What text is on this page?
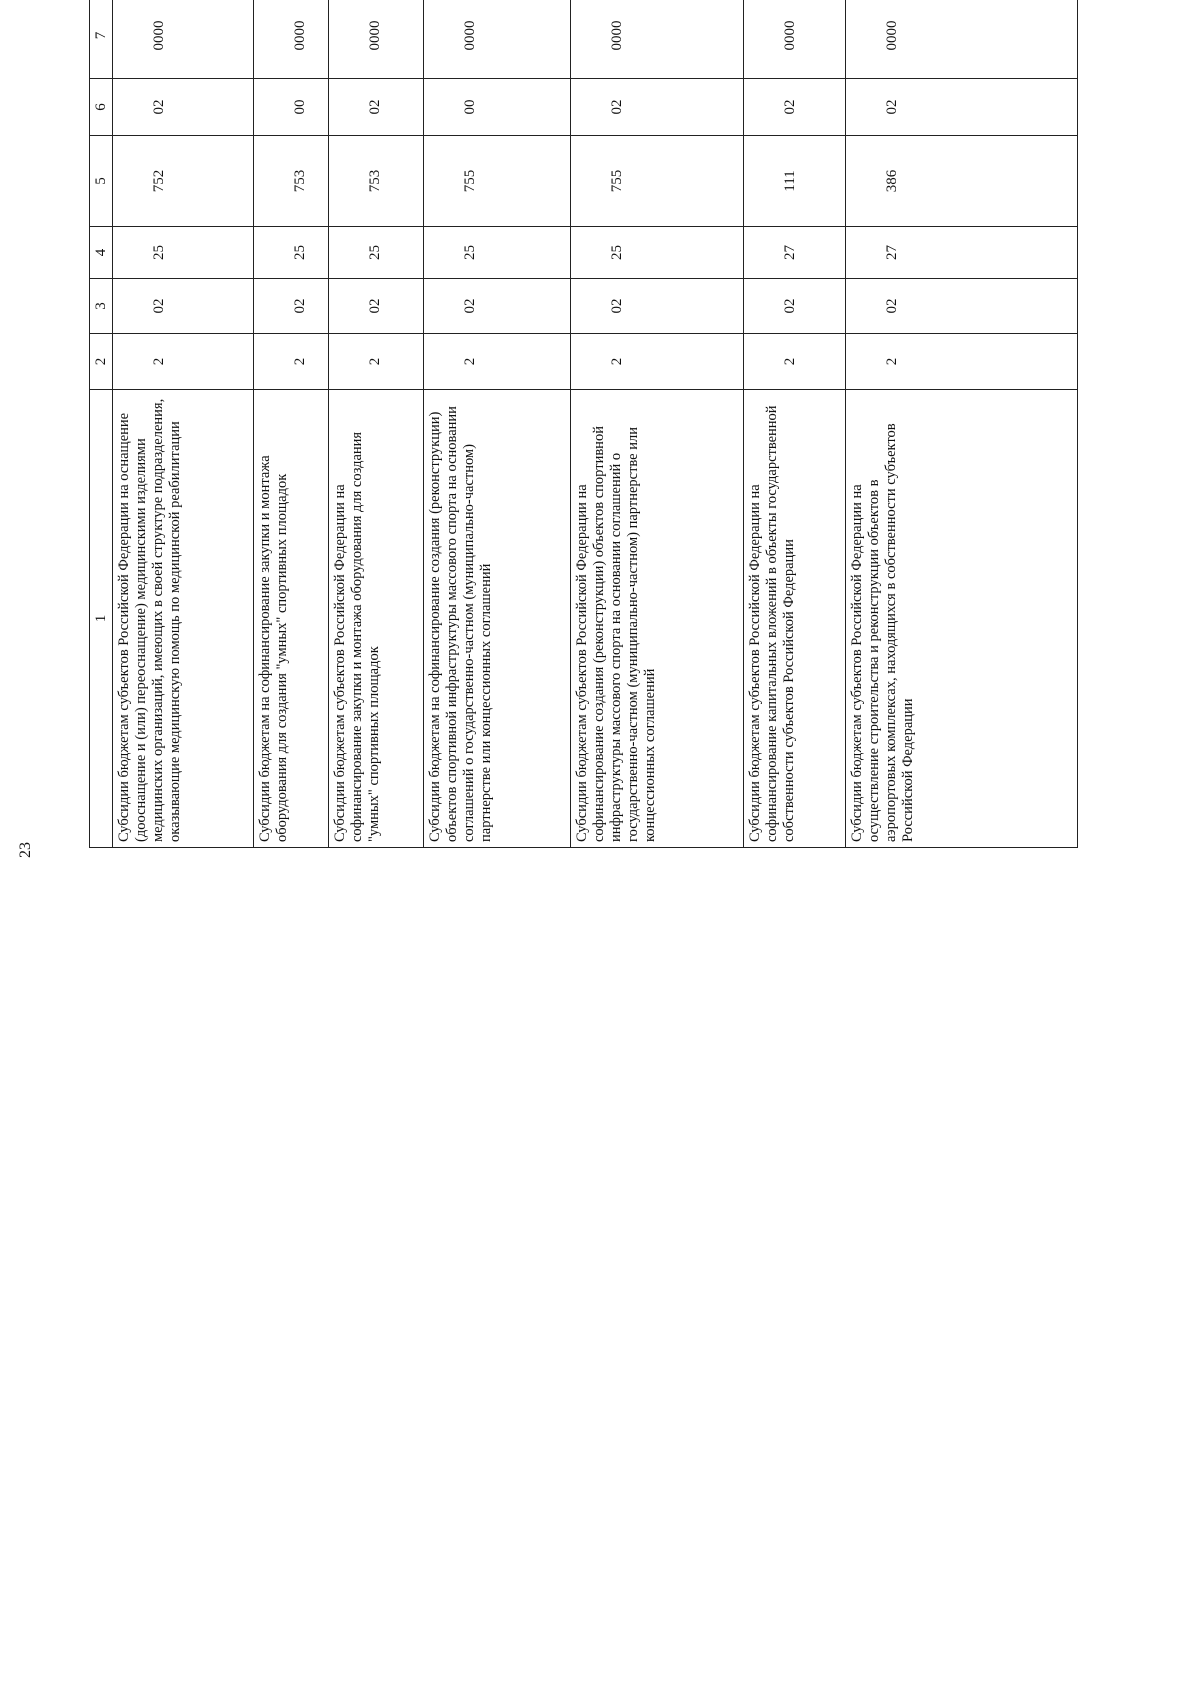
23
1	2	3	4	5	6	7				
Субсидии бюджетам субъектов Российской Федерации на оснащение (дооснащение и (или) переоснащение) медицинскими изделиями медицинских организаций, имеющих в своей структуре подразделения, оказывающие медицинскую помощь по медицинской реабилитации	2	02	25	752	02	0000				
Субсидии бюджетам на софинансирование закупки и монтажа оборудования для создания "умных" спортивных площадок	2	02	25	753	00	0000				
Субсидии бюджетам субъектов Российской Федерации на софинансирование закупки и монтажа оборудования для создания "умных" спортивных площадок	2	02	25	753	02	0000				
Субсидии бюджетам на софинансирование создания (реконструкции) объектов спортивной инфраструктуры массового спорта на основании соглашений о государственно-частном (муниципально-частном) партнерстве или концессионных соглашений	2	02	25	755	00	0000				
Субсидии бюджетам субъектов Российской Федерации на софинансирование создания (реконструкции) объектов спортивной инфраструктуры массового спорта на основании соглашений о государственно-частном (муниципально-частном) партнерстве или концессионных соглашений	2	02	25	755	02	0000				
Субсидии бюджетам субъектов Российской Федерации на софинансирование капитальных вложений в объекты государственной собственности субъектов Российской Федерации	2	02	27	111	02	0000				
Субсидии бюджетам субъектов Российской Федерации на осуществление строительства и реконструкции объектов в аэропортовых комплексах, находящихся в собственности субъектов Российской Федерации	2	02	27	386	02	0000				
